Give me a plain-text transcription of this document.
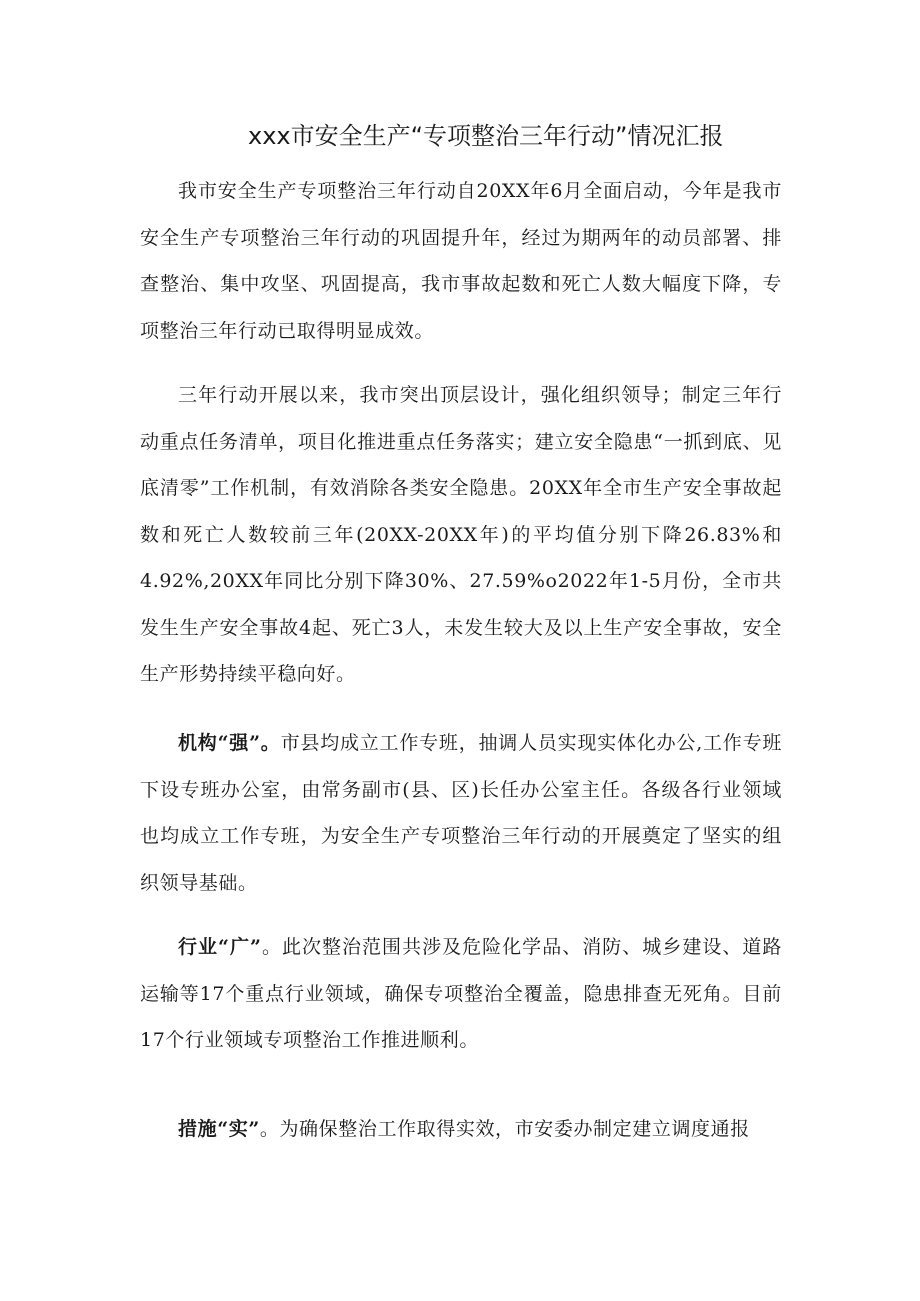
xxx市安全生产“专项整治三年行动”情况汇报

我市安全生产专项整治三年行动自20XX年6月全面启动，今年是我市安全生产专项整治三年行动的巩固提升年，经过为期两年的动员部署、排查整治、集中攻坚、巩固提高，我市事故起数和死亡人数大幅度下降，专项整治三年行动已取得明显成效。

三年行动开展以来，我市突出顶层设计，强化组织领导；制定三年行动重点任务清单，项目化推进重点任务落实；建立安全隐患“一抓到底、见底清零”工作机制，有效消除各类安全隐患。20XX年全市生产安全事故起数和死亡人数较前三年(20XX-20XX年)的平均值分别下降26.83%和4.92%,20XX年同比分别下降30%、27.59%o2022年1-5月份，全市共发生生产安全事故4起、死亡3人，未发生较大及以上生产安全事故，安全生产形势持续平稳向好。

机构“强”。市县均成立工作专班，抽调人员实现实体化办公,工作专班下设专班办公室，由常务副市(县、区)长任办公室主任。各级各行业领域也均成立工作专班，为安全生产专项整治三年行动的开展奠定了坚实的组织领导基础。

行业“广”。此次整治范围共涉及危险化学品、消防、城乡建设、道路运输等17个重点行业领域，确保专项整治全覆盖，隐患排查无死角。目前17个行业领域专项整治工作推进顺利。

措施“实”。为确保整治工作取得实效，市安委办制定建立调度通报
